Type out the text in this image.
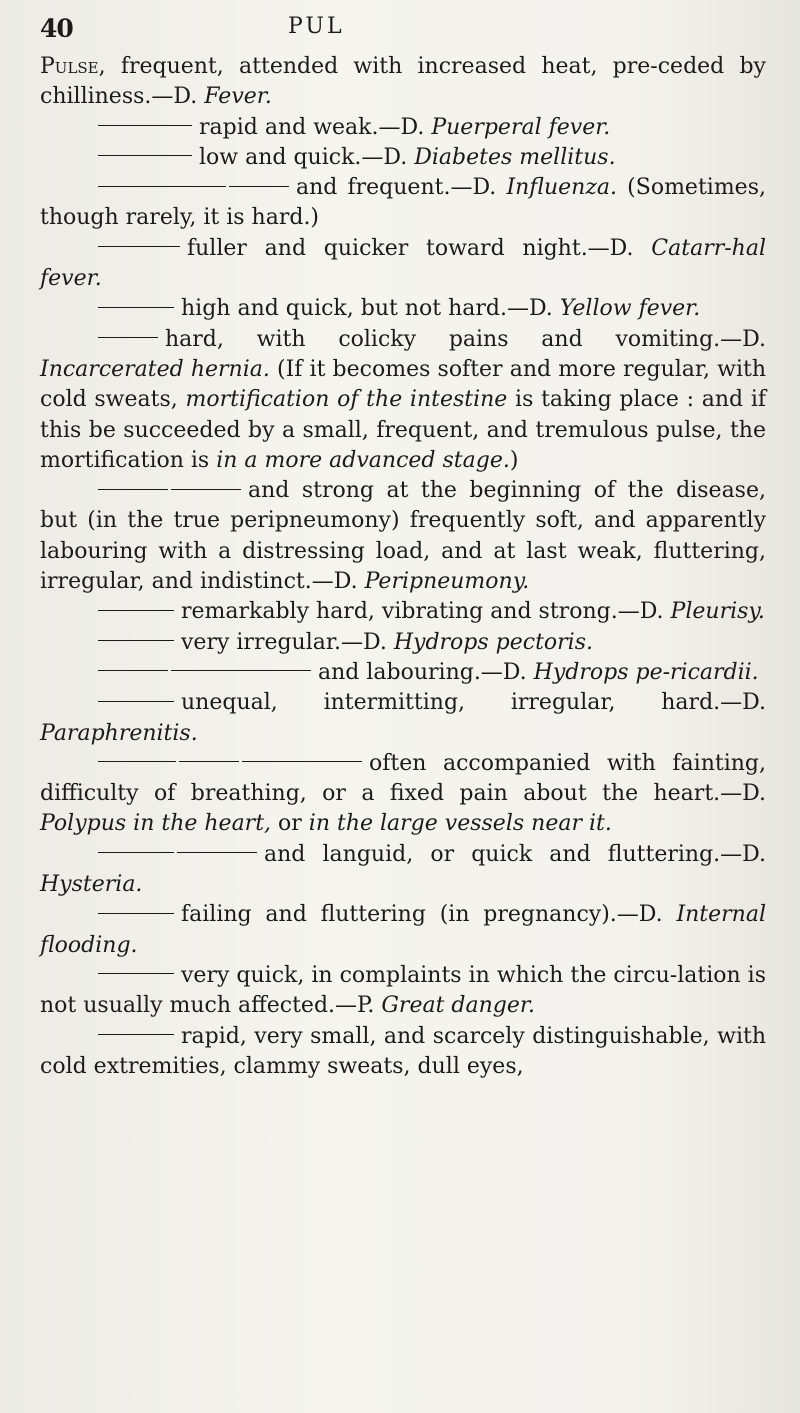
40	PUL

Pulse, frequent, attended with increased heat, pre-ceded by chilliness.—D. Fever.

rapid and weak.—D. Puerperal fever.

low and quick.—D. Diabetes mellitus.

and frequent.—D. Influenza. (Sometimes, though rarely, it is hard.)

fuller and quicker toward night.—D. Catarr-hal fever.

high and quick, but not hard.—D. Yellow fever.

hard, with colicky pains and vomiting.—D. Incarcerated hernia. (If it becomes softer and more regular, with cold sweats, mortification of the intestine is taking place : and if this be succeeded by a small, frequent, and tremulous pulse, the mortification is in a more advanced stage.)

and strong at the beginning of the disease, but (in the true peripneumony) frequently soft, and apparently labouring with a distressing load, and at last weak, fluttering, irregular, and indistinct.—D. Peripneumony.

remarkably hard, vibrating and strong.—D. Pleurisy.

very irregular.—D. Hydrops pectoris.

and labouring.—D. Hydrops pe-ricardii.

unequal, intermitting, irregular, hard.—D. Paraphrenitis.

often accompanied with fainting, difficulty of breathing, or a fixed pain about the heart.—D. Polypus in the heart, or in the large vessels near it.

and languid, or quick and fluttering.—D. Hysteria.

failing and fluttering (in pregnancy).—D. Internal flooding.

very quick, in complaints in which the circu-lation is not usually much affected.—P. Great danger.

rapid, very small, and scarcely distinguishable, with cold extremities, clammy sweats, dull eyes,
